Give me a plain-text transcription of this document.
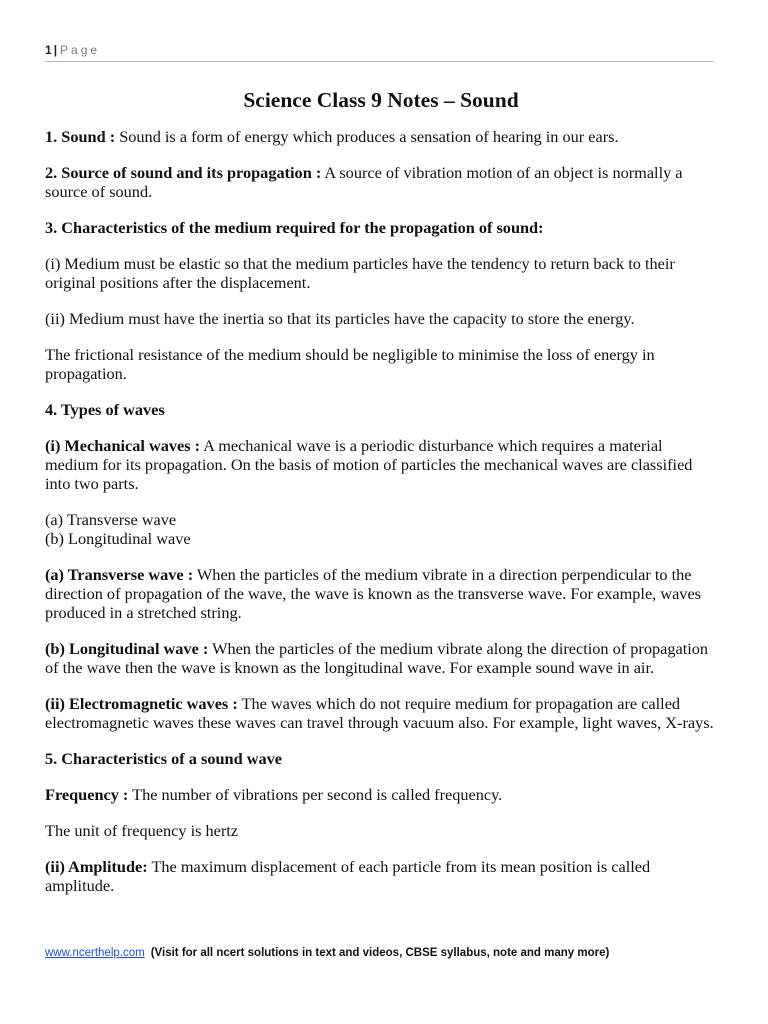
1 | Page
Science Class 9 Notes – Sound

1. Sound : Sound is a form of energy which produces a sensation of hearing in our ears.

2. Source of sound and its propagation : A source of vibration motion of an object is normally a source of sound.

3. Characteristics of the medium required for the propagation of sound:

(i) Medium must be elastic so that the medium particles have the tendency to return back to their original positions after the displacement.

(ii) Medium must have the inertia so that its particles have the capacity to store the energy.

The frictional resistance of the medium should be negligible to minimise the loss of energy in propagation.

4. Types of waves

(i) Mechanical waves : A mechanical wave is a periodic disturbance which requires a material medium for its propagation. On the basis of motion of particles the mechanical waves are classified into two parts.

(a) Transverse wave
(b) Longitudinal wave

(a) Transverse wave : When the particles of the medium vibrate in a direction perpendicular to the direction of propagation of the wave, the wave is known as the transverse wave. For example, waves produced in a stretched string.

(b) Longitudinal wave : When the particles of the medium vibrate along the direction of propagation of the wave then the wave is known as the longitudinal wave. For example sound wave in air.

(ii) Electromagnetic waves : The waves which do not require medium for propagation are called electromagnetic waves these waves can travel through vacuum also. For example, light waves, X-rays.

5. Characteristics of a sound wave

Frequency : The number of vibrations per second is called frequency.

The unit of frequency is hertz

(ii) Amplitude: The maximum displacement of each particle from its mean position is called amplitude.

www.ncerthelp.com (Visit for all ncert solutions in text and videos, CBSE syllabus, note and many more)
